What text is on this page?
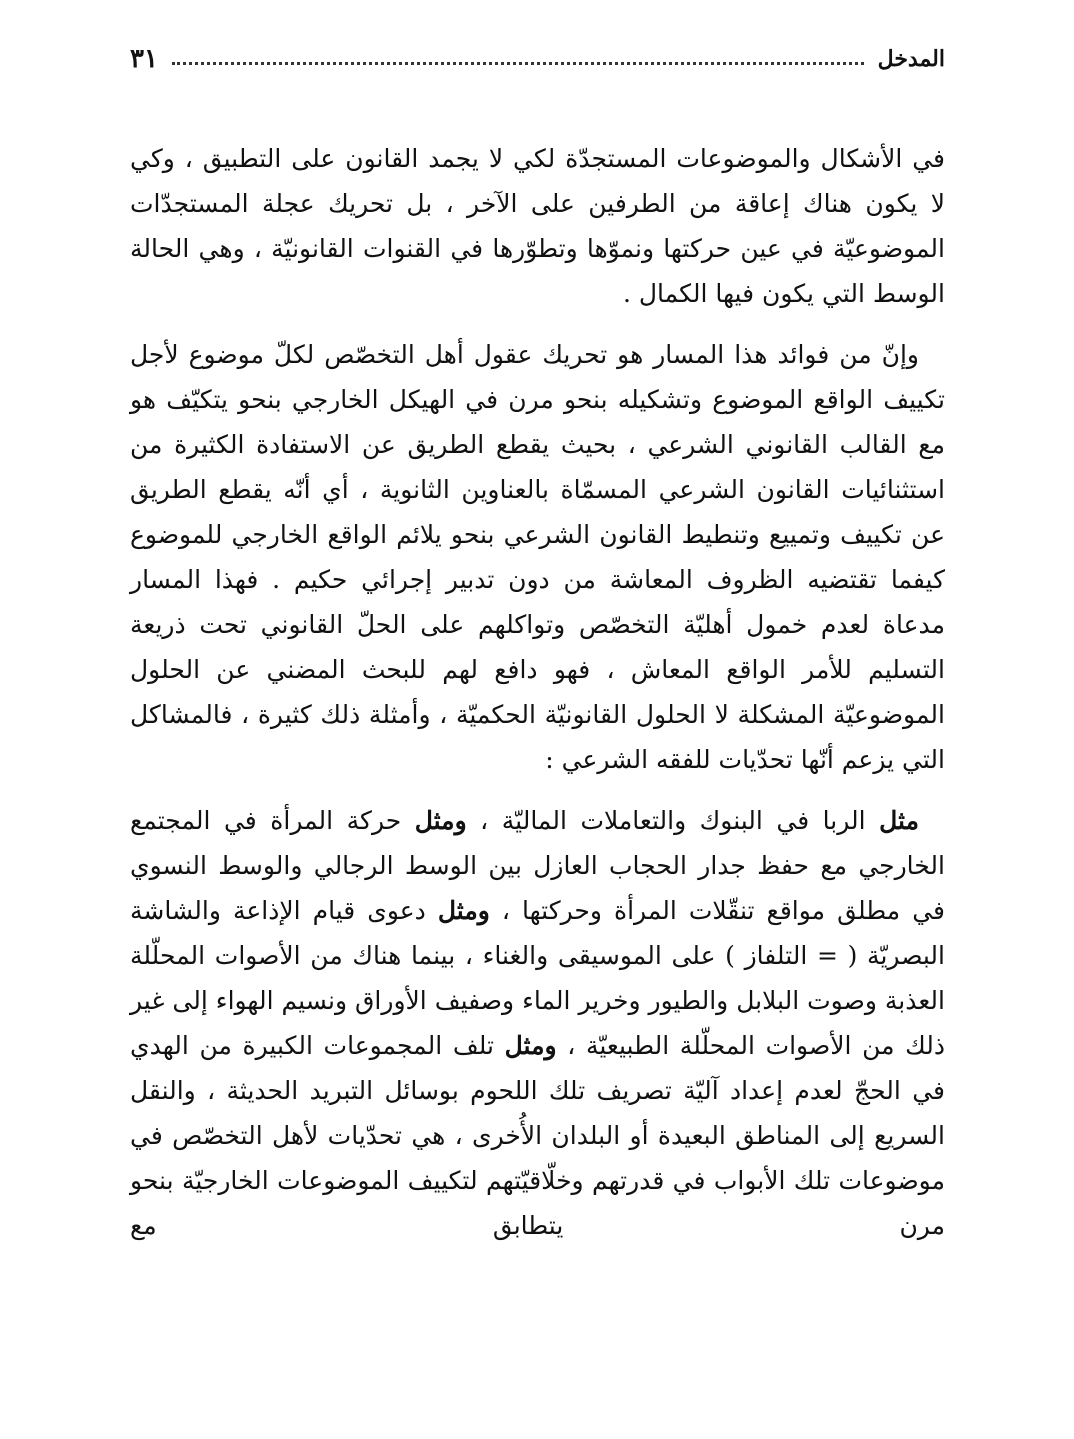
المدخل
٣١

في الأشكال والموضوعات المستجدّة لكي لا يجمد القانون على التطبيق ، وكي لا يكون هناك إعاقة من الطرفين على الآخر ، بل تحريك عجلة المستجدّات الموضوعيّة في عين حركتها ونموّها وتطوّرها في القنوات القانونيّة ، وهي الحالة الوسط التي يكون فيها الكمال .

وإنّ من فوائد هذا المسار هو تحريك عقول أهل التخصّص لكلّ موضوع لأجل تكييف الواقع الموضوع وتشكيله بنحو مرن في الهيكل الخارجي بنحو يتكيّف هو مع القالب القانوني الشرعي ، بحيث يقطع الطريق عن الاستفادة الكثيرة من استثنائيات القانون الشرعي المسمّاة بالعناوين الثانوية ، أي أنّه يقطع الطريق عن تكييف وتمييع وتنطيط القانون الشرعي بنحو يلائم الواقع الخارجي للموضوع كيفما تقتضيه الظروف المعاشة من دون تدبير إجرائي حكيم . فهذا المسار مدعاة لعدم خمول أهليّة التخصّص وتواكلهم على الحلّ القانوني تحت ذريعة التسليم للأمر الواقع المعاش ، فهو دافع لهم للبحث المضني عن الحلول الموضوعيّة المشكلة لا الحلول القانونيّة الحكميّة ، وأمثلة ذلك كثيرة ، فالمشاكل التي يزعم أنّها تحدّيات للفقه الشرعي :

مثل الربا في البنوك والتعاملات الماليّة ، ومثل حركة المرأة في المجتمع الخارجي مع حفظ جدار الحجاب العازل بين الوسط الرجالي والوسط النسوي في مطلق مواقع تنقّلات المرأة وحركتها ، ومثل دعوى قيام الإذاعة والشاشة البصريّة ( = التلفاز ) على الموسيقى والغناء ، بينما هناك من الأصوات المحلّلة العذبة وصوت البلابل والطيور وخرير الماء وصفيف الأوراق ونسيم الهواء إلى غير ذلك من الأصوات المحلّلة الطبيعيّة ، ومثل تلف المجموعات الكبيرة من الهدي في الحجّ لعدم إعداد آليّة تصريف تلك اللحوم بوسائل التبريد الحديثة ، والنقل السريع إلى المناطق البعيدة أو البلدان الأُخرى ، هي تحدّيات لأهل التخصّص في موضوعات تلك الأبواب في قدرتهم وخلّاقيّتهم لتكييف الموضوعات الخارجيّة بنحو مرن يتطابق مع
